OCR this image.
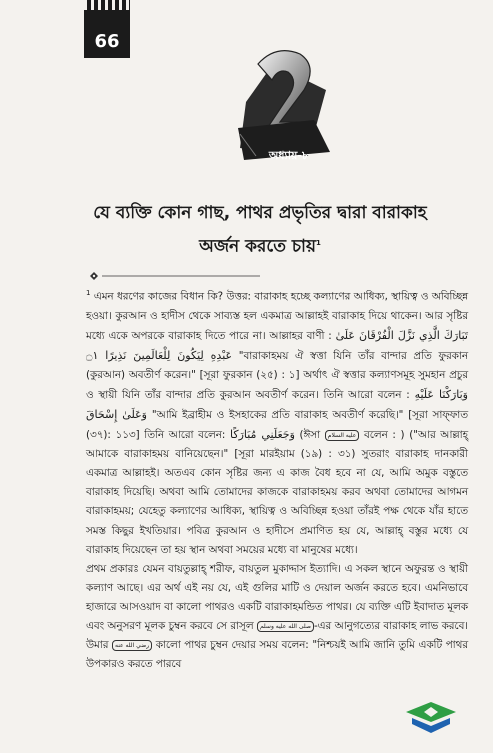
66
অধ্যায়-৮
যে ব্যক্তি কোন গাছ, পাথর প্রভৃতির দ্বারা বারাকাহ
অর্জন করতে চায়$^1$

$^1$ এমন ধরণের কাজের বিধান কি? উত্তর: বারাকাহ হচ্ছে কল্যাণের আধিক্য, স্থায়িত্ব ও অবিচ্ছিন্ন হওয়া। কুরআন ও হাদীস থেকে সাব্যস্ত হল একমাত্র আল্লাহই বারাকাহ দিয়ে থাকেন। আর সৃষ্টির মধ্যে একে অপরকে বারাকাহ দিতে পারে না। আল্লাহর বাণী : تَبَارَكَ الَّذِي نَزَّلَ الْفُرْقَانَ عَلَىٰ عَبْدِهِ لِيَكُونَ لِلْعَالَمِينَ نَذِيرًا ۝١ "বারাকাহময় ঐ স্বত্তা যিনি তাঁর বান্দার প্রতি ফুরকান (কুরআন) অবতীর্ণ করেন।" [সূরা ফুরকান (২৫) : ১] অর্থাৎ ঐ স্বত্তার কল্যাণসমূহ সুমহান প্রচুর ও স্থায়ী যিনি তাঁর বান্দার প্রতি কুরআন অবতীর্ণ করেন। তিনি আরো বলেন : وَبَارَكْنَا عَلَيْهِ وَعَلَىٰ إِسْحَاقَ "আমি ইব্রাহীম ও ইসহাকের প্রতি বারাকাহ অবতীর্ণ করেছি।" [সূরা সাফ্ফাত (৩৭): ১১৩] তিনি আরো বলেন: وَجَعَلَنِي مُبَارَكًا (ঈসা عليه السلام বলেন : ) ("আর আল্লাহ্‌ আমাকে বারাকাহময় বানিয়েছেন।" [সূরা মারইয়াম (১৯) : ৩১) সুতরাং বারাকাহ দানকারী একমাত্র আল্লাহই। অতএব কোন সৃষ্টির জন্য এ কাজ বৈধ হবে না যে, আমি অমুক বস্তুতে বারাকাহ দিয়েছি। অথবা আমি তোমাদের কাজকে বারাকাহময় করব অথবা তোমাদের আগমন বারাকাহময়; যেহেতু কল্যাণের আধিক্য, স্থায়িত্ব ও অবিচ্ছিন্ন হওয়া তাঁরই পক্ষ থেকে যাঁর হাতে সমস্ত কিছুর ইখতিয়ার। পবিত্র কুরআন ও হাদীসে প্রমাণিত হয় যে, আল্লাহ্‌ বস্তুর মধ্যে যে বারাকাহ দিয়েছেন তা হয় স্থান অথবা সময়ের মধ্যে বা মানুষের মধ্যে।

প্রথম প্রকারঃ যেমন বায়তুল্লাহ্‌ শরীফ, বায়তুল মুকাদ্দাস ইত্যাদি। এ সকল স্থানে অফুরন্ত ও স্থায়ী কল্যাণ আছে। এর অর্থ এই নয় যে, এই গুলির মাটি ও দেয়াল অর্জন করতে হবে। এমনিভাবে হাজারে আসওয়াদ বা কালো পাথরও একটি বারাকাহমন্ডিত পাথর। যে ব্যক্তি এটি ইবাদাত মূলক এবং অনুসরণ মূলক চুম্বন করবে সে রাসূল صلى الله عليه وسلم -এর আনুগত্যের বারাকাহ লাভ করবে। উমার رضي الله عنه কালো পাথর চুম্বন দেয়ার সময় বলেন: "নিশ্চয়ই আমি জানি তুমি একটি পাথর উপকারও করতে পারবে
